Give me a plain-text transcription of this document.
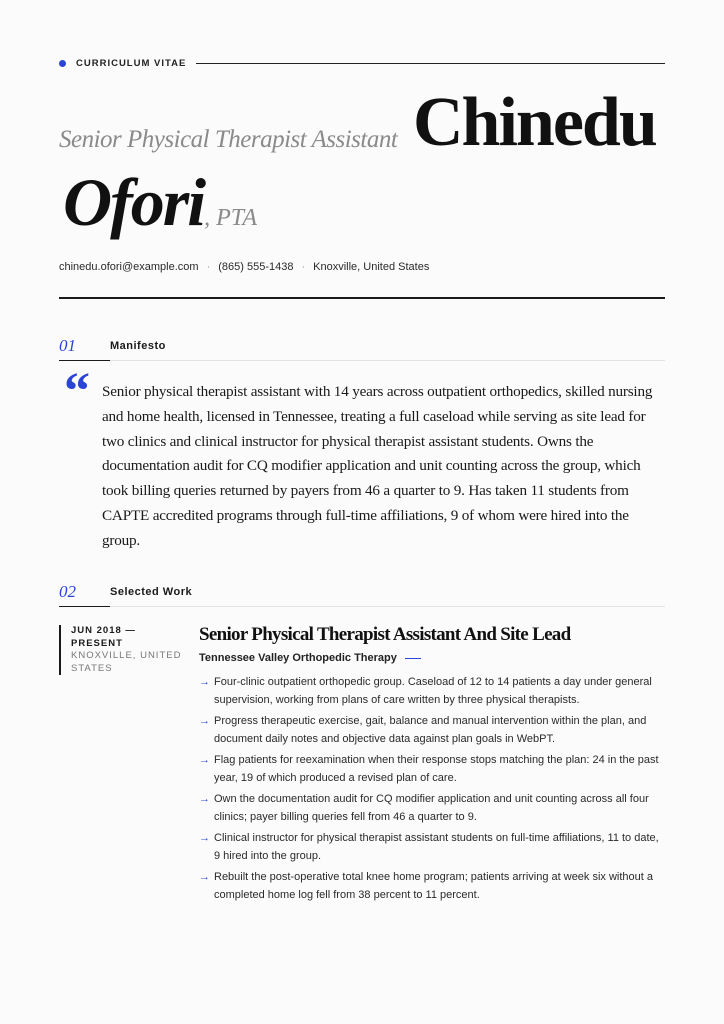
CURRICULUM VITAE
Senior Physical Therapist Assistant Chinedu
Ofori, PTA
chinedu.ofori@example.com · (865) 555-1438 · Knoxville, United States
01	Manifesto
“ Senior physical therapist assistant with 14 years across outpatient orthopedics, skilled nursing and home health, licensed in Tennessee, treating a full caseload while serving as site lead for two clinics and clinical instructor for physical therapist assistant students. Owns the documentation audit for CQ modifier application and unit counting across the group, which took billing queries returned by payers from 46 a quarter to 9. Has taken 11 students from CAPTE accredited programs through full-time affiliations, 9 of whom were hired into the group.
02	Selected Work
JUN 2018 — PRESENT
KNOXVILLE, UNITED STATES
Senior Physical Therapist Assistant And Site Lead
Tennessee Valley Orthopedic Therapy
→ Four-clinic outpatient orthopedic group. Caseload of 12 to 14 patients a day under general supervision, working from plans of care written by three physical therapists.
→ Progress therapeutic exercise, gait, balance and manual intervention within the plan, and document daily notes and objective data against plan goals in WebPT.
→ Flag patients for reexamination when their response stops matching the plan: 24 in the past year, 19 of which produced a revised plan of care.
→ Own the documentation audit for CQ modifier application and unit counting across all four clinics; payer billing queries fell from 46 a quarter to 9.
→ Clinical instructor for physical therapist assistant students on full-time affiliations, 11 to date, 9 hired into the group.
→ Rebuilt the post-operative total knee home program; patients arriving at week six without a completed home log fell from 38 percent to 11 percent.
